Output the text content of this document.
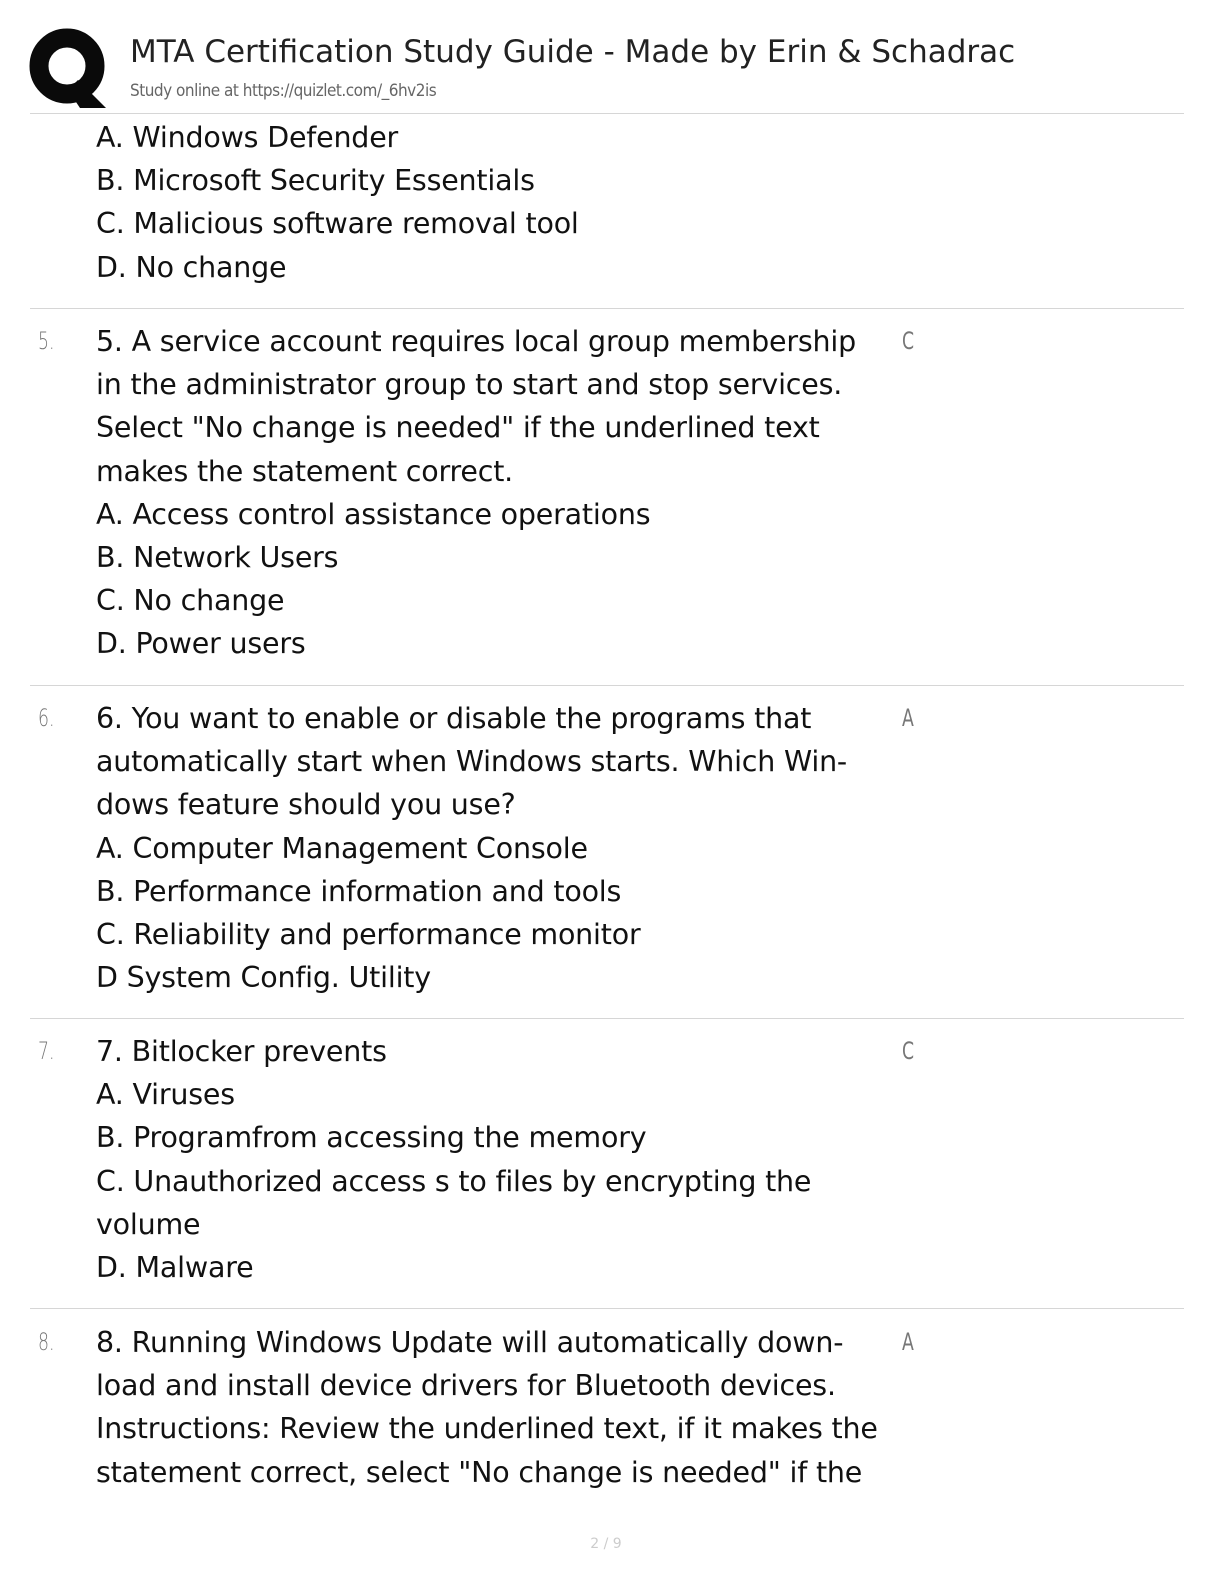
MTA Certification Study Guide - Made by Erin & Schadrac
Study online at https://quizlet.com/_6hv2is
A. Windows Defender
B. Microsoft Security Essentials
C. Malicious software removal tool
D. No change
5. 5. A service account requires local group membership
in the administrator group to start and stop services.
Select "No change is needed" if the underlined text
makes the statement correct.
A. Access control assistance operations
B. Network Users
C. No change
D. Power users
C
6. 6. You want to enable or disable the programs that
automatically start when Windows starts. Which Win-
dows feature should you use?
A. Computer Management Console
B. Performance information and tools
C. Reliability and performance monitor
D System Config. Utility
A
7. 7. Bitlocker prevents
A. Viruses
B. Programfrom accessing the memory
C. Unauthorized access s to files by encrypting the
volume
D. Malware
C
8. 8. Running Windows Update will automatically down-
load and install device drivers for Bluetooth devices.
Instructions: Review the underlined text, if it makes the
statement correct, select "No change is needed" if the
A
2 / 9
